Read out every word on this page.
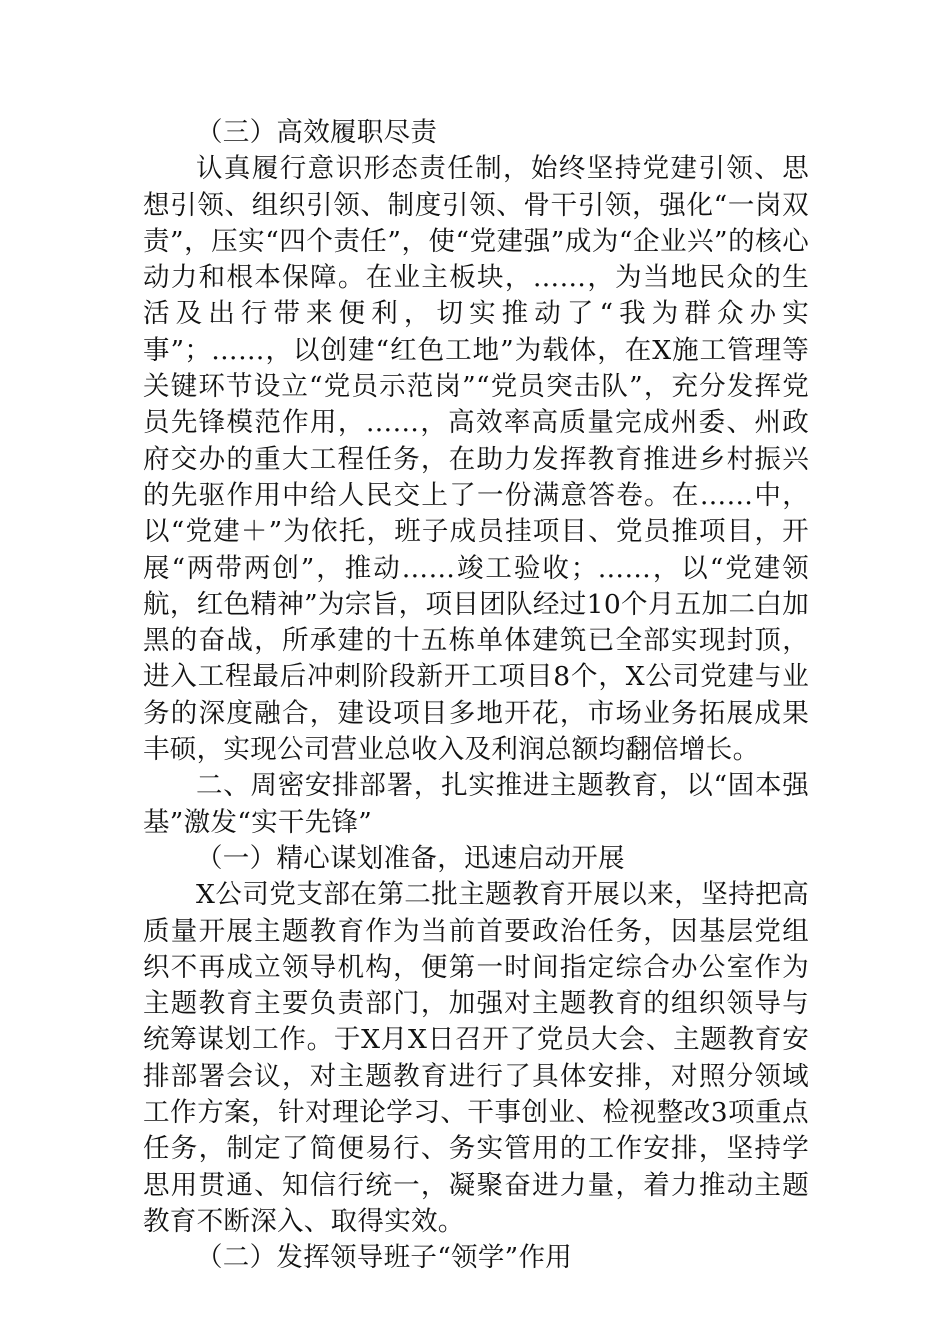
（三）高效履职尽责

认真履行意识形态责任制，始终坚持党建引领、思想引领、组织引领、制度引领、骨干引领，强化“一岗双责”，压实“四个责任”，使“党建强”成为“企业兴”的核心动力和根本保障。在业主板块，……，为当地民众的生活及出行带来便利，切实推动了“我为群众办实事”；……，以创建“红色工地”为载体，在X施工管理等关键环节设立“党员示范岗”“党员突击队”，充分发挥党员先锋模范作用，……，高效率高质量完成州委、州政府交办的重大工程任务，在助力发挥教育推进乡村振兴的先驱作用中给人民交上了一份满意答卷。在……中，以“党建＋”为依托，班子成员挂项目、党员推项目，开展“两带两创”，推动……竣工验收；……，以“党建领航，红色精神”为宗旨，项目团队经过10个月五加二白加黑的奋战，所承建的十五栋单体建筑已全部实现封顶，进入工程最后冲刺阶段新开工项目8个，X公司党建与业务的深度融合，建设项目多地开花，市场业务拓展成果丰硕，实现公司营业总收入及利润总额均翻倍增长。

二、周密安排部署，扎实推进主题教育，以“固本强基”激发“实干先锋”

（一）精心谋划准备，迅速启动开展

X公司党支部在第二批主题教育开展以来，坚持把高质量开展主题教育作为当前首要政治任务，因基层党组织不再成立领导机构，便第一时间指定综合办公室作为主题教育主要负责部门，加强对主题教育的组织领导与统筹谋划工作。于X月X日召开了党员大会、主题教育安排部署会议，对主题教育进行了具体安排，对照分领域工作方案，针对理论学习、干事创业、检视整改3项重点任务，制定了简便易行、务实管用的工作安排，坚持学思用贯通、知信行统一，凝聚奋进力量，着力推动主题教育不断深入、取得实效。

（二）发挥领导班子“领学”作用
